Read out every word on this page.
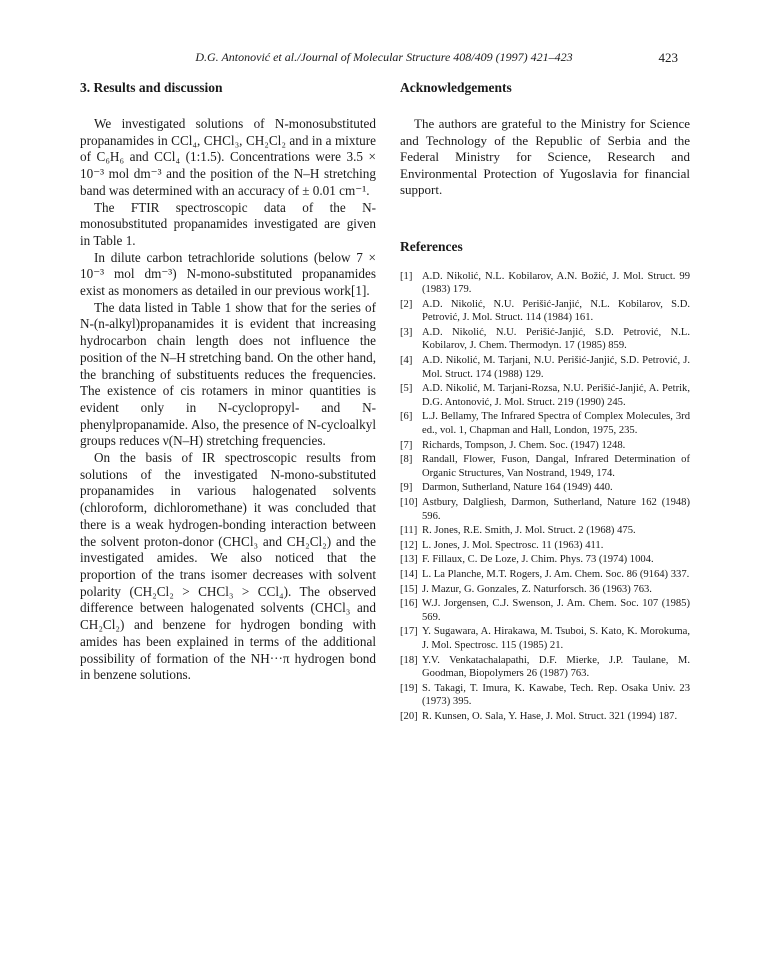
D.G. Antonović et al./Journal of Molecular Structure 408/409 (1997) 421–423	423
3. Results and discussion

We investigated solutions of N-monosubstituted propanamides in CCl₄, CHCl₃, CH₂Cl₂ and in a mixture of C₆H₆ and CCl₄ (1:1.5). Concentrations were 3.5 × 10⁻³ mol dm⁻³ and the position of the N–H stretching band was determined with an accuracy of ± 0.01 cm⁻¹.

The FTIR spectroscopic data of the N-monosubstituted propanamides investigated are given in Table 1.

In dilute carbon tetrachloride solutions (below 7 × 10⁻³ mol dm⁻³) N-mono-substituted propanamides exist as monomers as detailed in our previous work[1].

The data listed in Table 1 show that for the series of N-(n-alkyl)propanamides it is evident that increasing hydrocarbon chain length does not influence the position of the N–H stretching band. On the other hand, the branching of substituents reduces the frequencies. The existence of cis rotamers in minor quantities is evident only in N-cyclopropyl- and N-phenylpropanamide. Also, the presence of N-cycloalkyl groups reduces ν(N–H) stretching frequencies.

On the basis of IR spectroscopic results from solutions of the investigated N-mono-substituted propanamides in various halogenated solvents (chloroform, dichloromethane) it was concluded that there is a weak hydrogen-bonding interaction between the solvent proton-donor (CHCl₃ and CH₂Cl₂) and the investigated amides. We also noticed that the proportion of the trans isomer decreases with solvent polarity (CH₂Cl₂ > CHCl₃ > CCl₄). The observed difference between halogenated solvents (CHCl₃ and CH₂Cl₂) and benzene for hydrogen bonding with amides has been explained in terms of the additional possibility of formation of the NH···π hydrogen bond in benzene solutions.

Acknowledgements

The authors are grateful to the Ministry for Science and Technology of the Republic of Serbia and the Federal Ministry for Science, Research and Environmental Protection of Yugoslavia for financial support.

References
[1] A.D. Nikolić, N.L. Kobilarov, A.N. Božić, J. Mol. Struct. 99 (1983) 179.
[2] A.D. Nikolić, N.U. Perišić-Janjić, N.L. Kobilarov, S.D. Petrović, J. Mol. Struct. 114 (1984) 161.
[3] A.D. Nikolić, N.U. Perišić-Janjić, S.D. Petrović, N.L. Kobilarov, J. Chem. Thermodyn. 17 (1985) 859.
[4] A.D. Nikolić, M. Tarjani, N.U. Perišić-Janjić, S.D. Petrović, J. Mol. Struct. 174 (1988) 129.
[5] A.D. Nikolić, M. Tarjani-Rozsa, N.U. Perišić-Janjić, A. Petrik, D.G. Antonović, J. Mol. Struct. 219 (1990) 245.
[6] L.J. Bellamy, The Infrared Spectra of Complex Molecules, 3rd ed., vol. 1, Chapman and Hall, London, 1975, 235.
[7] Richards, Tompson, J. Chem. Soc. (1947) 1248.
[8] Randall, Flower, Fuson, Dangal, Infrared Determination of Organic Structures, Van Nostrand, 1949, 174.
[9] Darmon, Sutherland, Nature 164 (1949) 440.
[10] Astbury, Dalgliesh, Darmon, Sutherland, Nature 162 (1948) 596.
[11] R. Jones, R.E. Smith, J. Mol. Struct. 2 (1968) 475.
[12] L. Jones, J. Mol. Spectrosc. 11 (1963) 411.
[13] F. Fillaux, C. De Loze, J. Chim. Phys. 73 (1974) 1004.
[14] L. La Planche, M.T. Rogers, J. Am. Chem. Soc. 86 (9164) 337.
[15] J. Mazur, G. Gonzales, Z. Naturforsch. 36 (1963) 763.
[16] W.J. Jorgensen, C.J. Swenson, J. Am. Chem. Soc. 107 (1985) 569.
[17] Y. Sugawara, A. Hirakawa, M. Tsuboi, S. Kato, K. Morokuma, J. Mol. Spectrosc. 115 (1985) 21.
[18] Y.V. Venkatachalapathi, D.F. Mierke, J.P. Taulane, M. Goodman, Biopolymers 26 (1987) 763.
[19] S. Takagi, T. Imura, K. Kawabe, Tech. Rep. Osaka Univ. 23 (1973) 395.
[20] R. Kunsen, O. Sala, Y. Hase, J. Mol. Struct. 321 (1994) 187.
